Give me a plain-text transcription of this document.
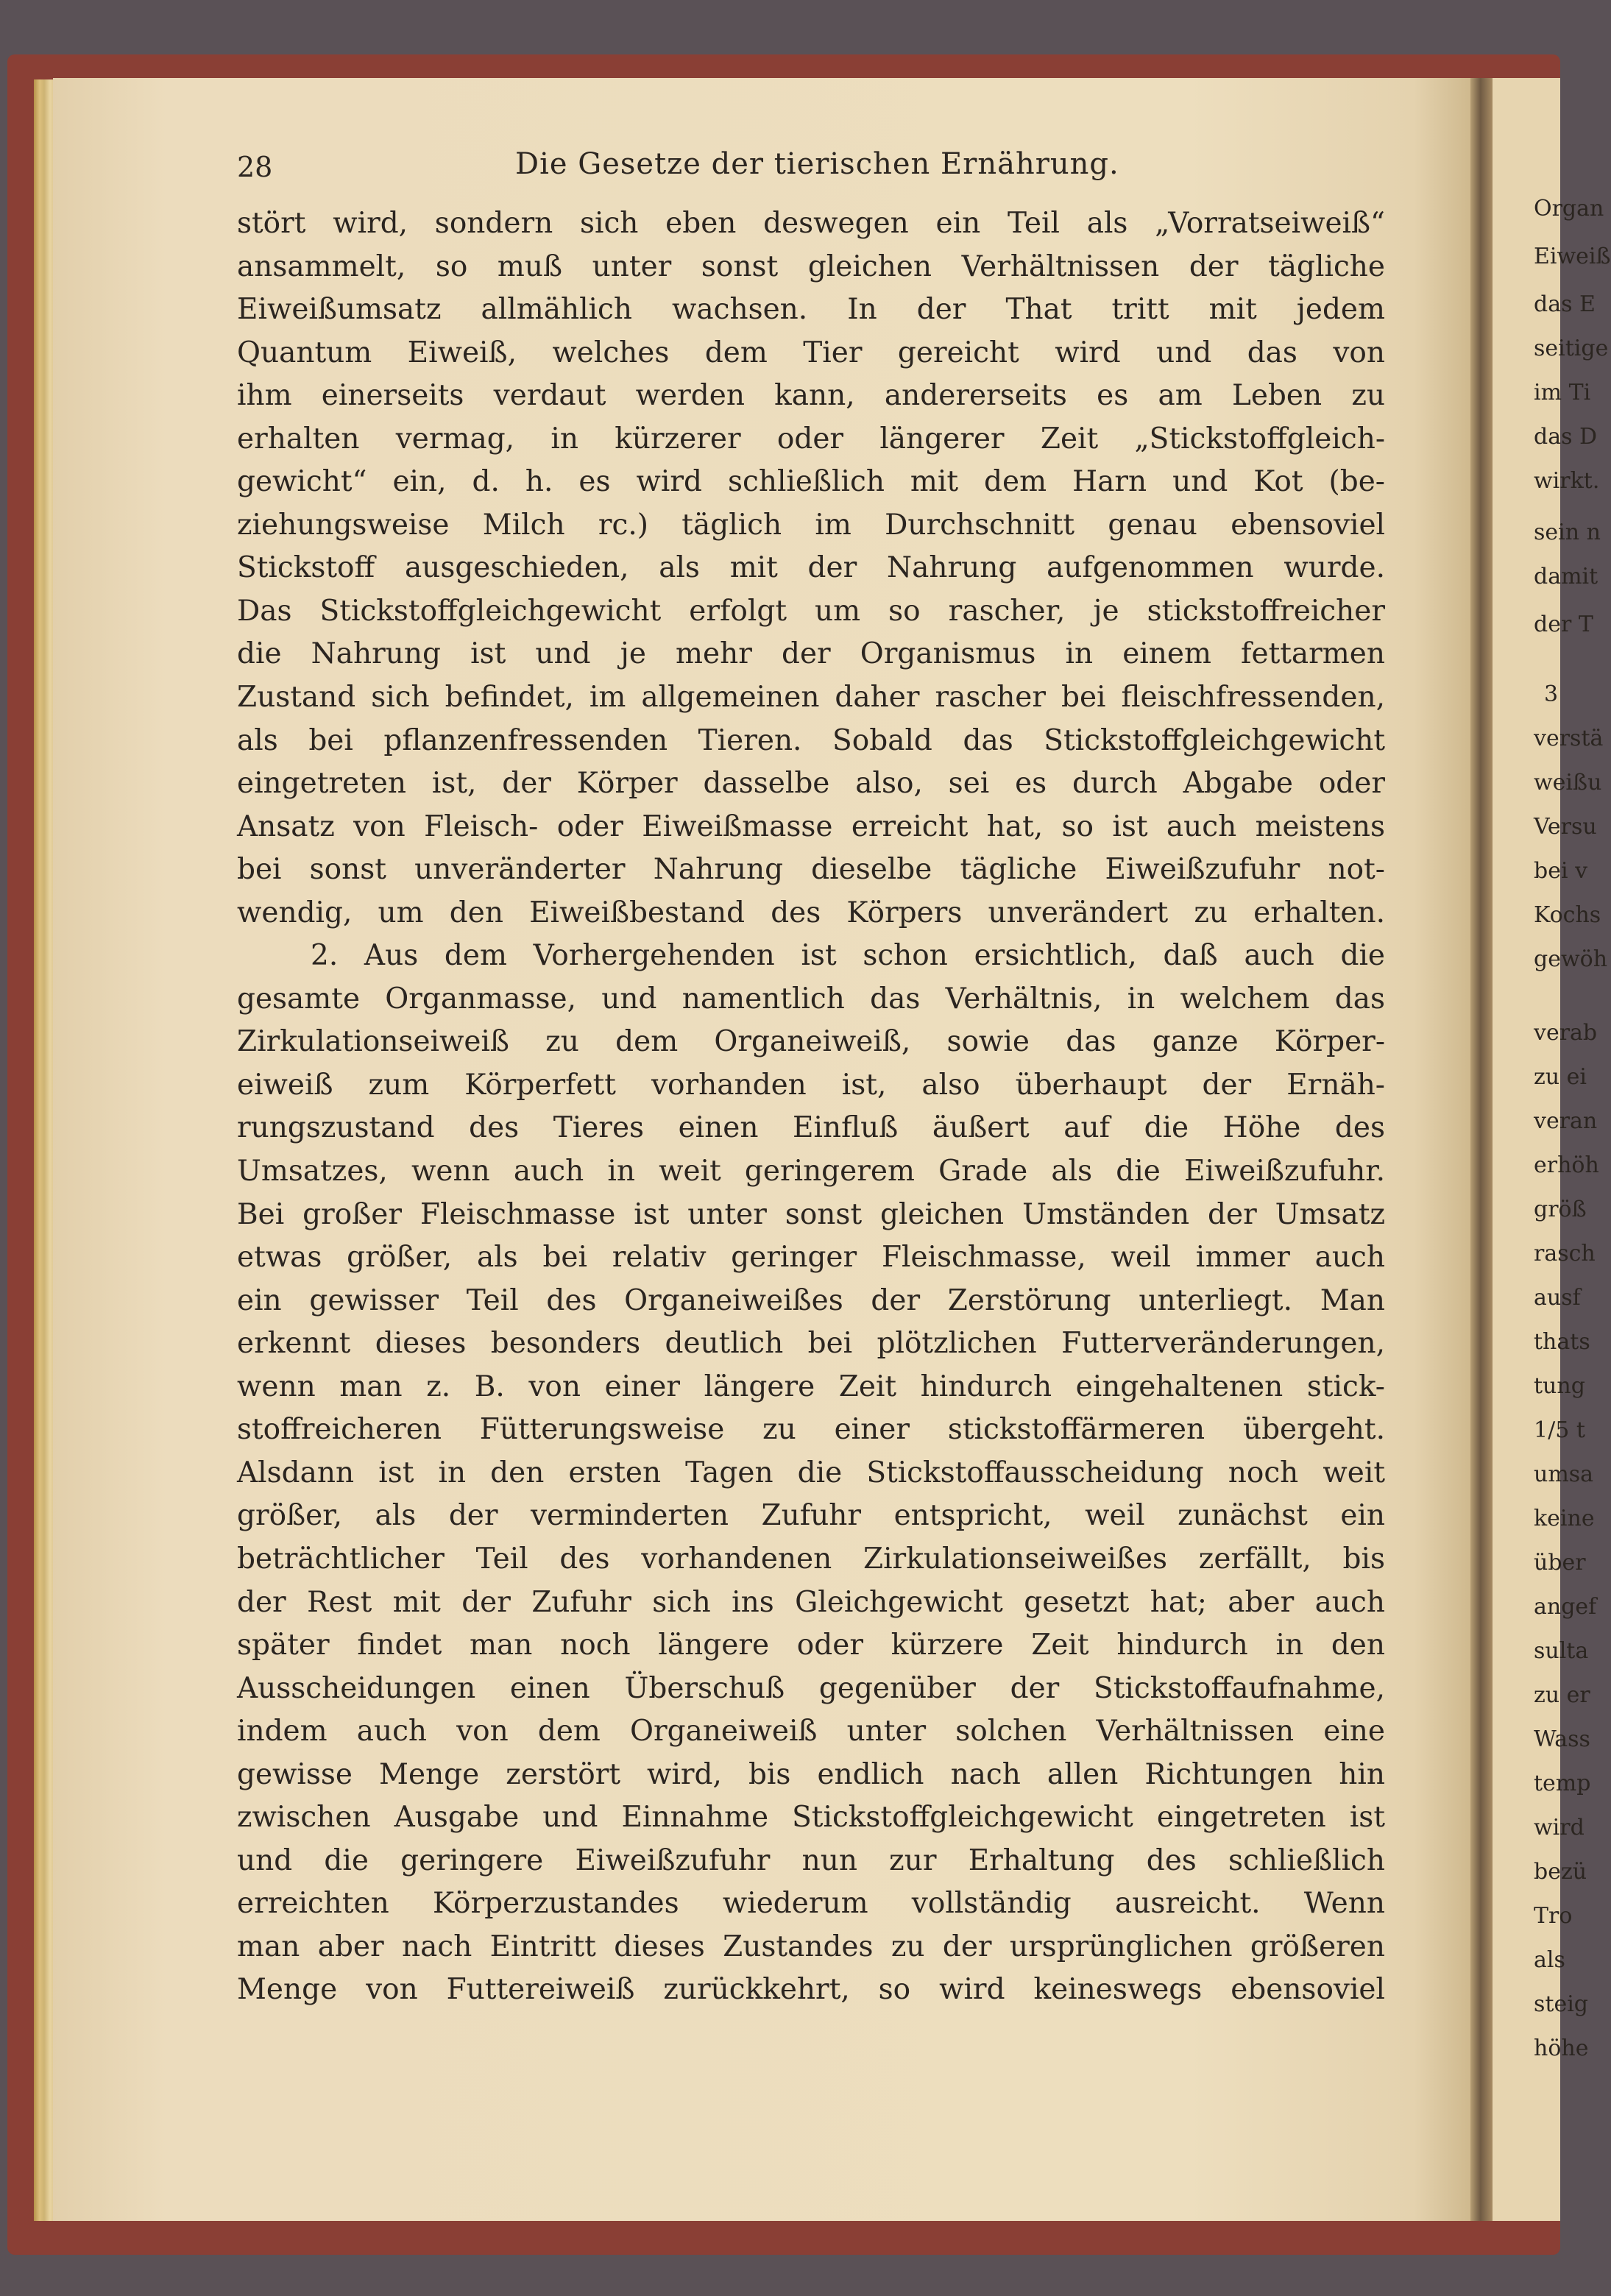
Organ
Eiweiß
das E
seitige
im Ti
das D
wirkt.
sein n
damit
der T
3
verstä
weißu
Versu
bei v
Kochs
gewöh
verab
zu ei
veran
erhöh
größ
rasch
ausf
thats
tung
1/5 t
umsa
keine
über
angef
sulta
zu er
Wass
temp
wird
bezü
Tro
als
steig
höhe
28	Die Gesetze der tierischen Ernährung.
stört wird, sondern sich eben deswegen ein Teil als „Vorratseiweiß“
ansammelt, so muß unter sonst gleichen Verhältnissen der tägliche
Eiweißumsatz allmählich wachsen. In der That tritt mit jedem
Quantum Eiweiß, welches dem Tier gereicht wird und das von
ihm einerseits verdaut werden kann, andererseits es am Leben zu
erhalten vermag, in kürzerer oder längerer Zeit „Stickstoffgleich-
gewicht“ ein, d. h. es wird schließlich mit dem Harn und Kot (be-
ziehungsweise Milch rc.) täglich im Durchschnitt genau ebensoviel
Stickstoff ausgeschieden, als mit der Nahrung aufgenommen wurde.
Das Stickstoffgleichgewicht erfolgt um so rascher, je stickstoffreicher
die Nahrung ist und je mehr der Organismus in einem fettarmen
Zustand sich befindet, im allgemeinen daher rascher bei fleischfressenden,
als bei pflanzenfressenden Tieren. Sobald das Stickstoffgleichgewicht
eingetreten ist, der Körper dasselbe also, sei es durch Abgabe oder
Ansatz von Fleisch- oder Eiweißmasse erreicht hat, so ist auch meistens
bei sonst unveränderter Nahrung dieselbe tägliche Eiweißzufuhr not-
wendig, um den Eiweißbestand des Körpers unverändert zu erhalten.
2. Aus dem Vorhergehenden ist schon ersichtlich, daß auch die
gesamte Organmasse, und namentlich das Verhältnis, in welchem das
Zirkulationseiweiß zu dem Organeiweiß, sowie das ganze Körper-
eiweiß zum Körperfett vorhanden ist, also überhaupt der Ernäh-
rungszustand des Tieres einen Einfluß äußert auf die Höhe des
Umsatzes, wenn auch in weit geringerem Grade als die Eiweißzufuhr.
Bei großer Fleischmasse ist unter sonst gleichen Umständen der Umsatz
etwas größer, als bei relativ geringer Fleischmasse, weil immer auch
ein gewisser Teil des Organeiweißes der Zerstörung unterliegt. Man
erkennt dieses besonders deutlich bei plötzlichen Futterveränderungen,
wenn man z. B. von einer längere Zeit hindurch eingehaltenen stick-
stoffreicheren Fütterungsweise zu einer stickstoffärmeren übergeht.
Alsdann ist in den ersten Tagen die Stickstoffausscheidung noch weit
größer, als der verminderten Zufuhr entspricht, weil zunächst ein
beträchtlicher Teil des vorhandenen Zirkulationseiweißes zerfällt, bis
der Rest mit der Zufuhr sich ins Gleichgewicht gesetzt hat; aber auch
später findet man noch längere oder kürzere Zeit hindurch in den
Ausscheidungen einen Überschuß gegenüber der Stickstoffaufnahme,
indem auch von dem Organeiweiß unter solchen Verhältnissen eine
gewisse Menge zerstört wird, bis endlich nach allen Richtungen hin
zwischen Ausgabe und Einnahme Stickstoffgleichgewicht eingetreten ist
und die geringere Eiweißzufuhr nun zur Erhaltung des schließlich
erreichten Körperzustandes wiederum vollständig ausreicht. Wenn
man aber nach Eintritt dieses Zustandes zu der ursprünglichen größeren
Menge von Futtereiweiß zurückkehrt, so wird keineswegs ebensoviel
